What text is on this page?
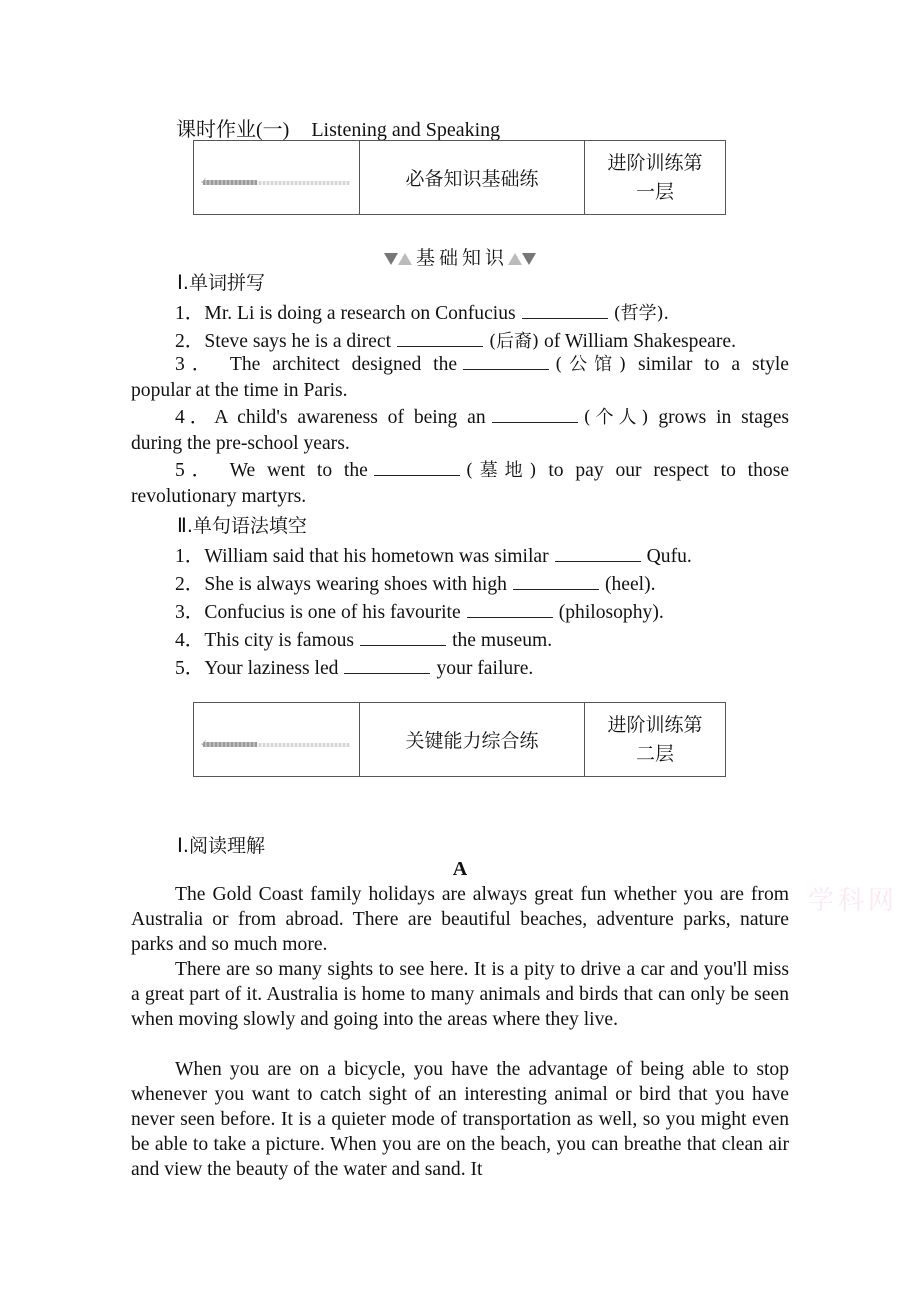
课时作业(一) Listening and Speaking
✓	必备知识基础练
进阶训练第
一层
基础知识
Ⅰ.单词拼写
1．Mr. Li is doing a research on Confucius	(哲学).
2．Steve says he is a direct	(后裔) of William Shakespeare.
3． The architect designed the	(公馆) similar to a style
popular at the time in Paris.
4．A child's awareness of being an	(个人) grows in stages
during the pre-school years.
5． We went to the	(墓地) to pay our respect to those
revolutionary martyrs.
Ⅱ.单句语法填空
1．William said that his hometown was similar	Qufu.
2．She is always wearing shoes with high	(heel).
3．Confucius is one of his favourite	(philosophy).
4．This city is famous	the museum.
5．Your laziness led	your failure.
✓	关键能力综合练
进阶训练第
二层
Ⅰ.阅读理解
A
The Gold Coast family holidays are always great fun whether you are from Australia or from abroad. There are beautiful beaches, adventure parks, nature parks and so much more.
There are so many sights to see here. It is a pity to drive a car and you'll miss a great part of it. Australia is home to many animals and birds that can only be seen when moving slowly and going into the areas where they live.
When you are on a bicycle, you have the advantage of being able to stop whenever you want to catch sight of an interesting animal or bird that you have never seen before. It is a quieter mode of transportation as well, so you might even be able to take a picture. When you are on the beach, you can breathe that clean air and view the beauty of the water and sand. It
学科网
